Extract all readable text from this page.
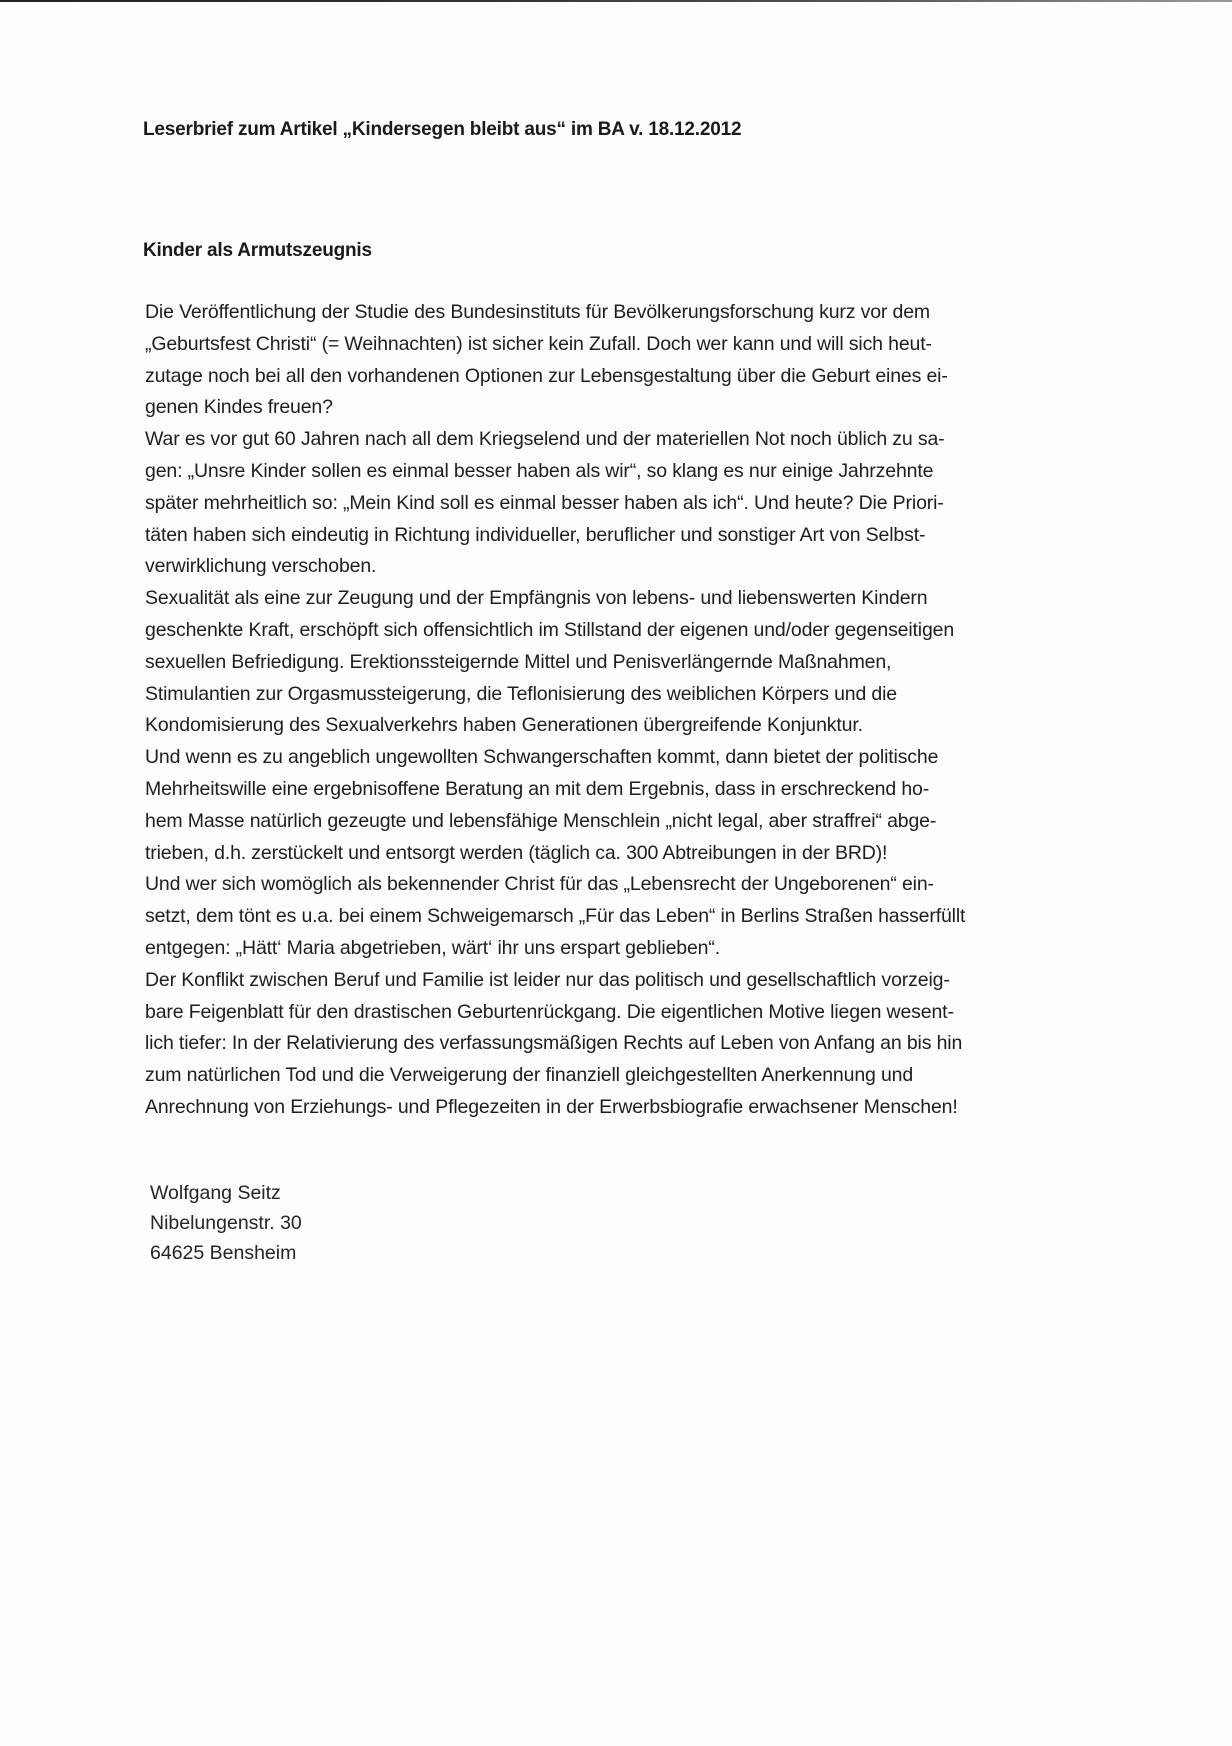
Leserbrief zum Artikel „Kindersegen bleibt aus“ im BA v. 18.12.2012
Kinder als Armutszeugnis
Die Veröffentlichung der Studie des Bundesinstituts für Bevölkerungsforschung kurz vor dem
„Geburtsfest Christi“ (= Weihnachten) ist sicher kein Zufall. Doch wer kann und will sich heut-
zutage noch bei all den vorhandenen Optionen zur Lebensgestaltung über die Geburt eines ei-
genen Kindes freuen?
War es vor gut 60 Jahren nach all dem Kriegselend und der materiellen Not noch üblich zu sa-
gen: „Unsre Kinder sollen es einmal besser haben als wir“, so klang es nur einige Jahrzehnte
später mehrheitlich so: „Mein Kind soll es einmal besser haben als ich“. Und heute? Die Priori-
täten haben sich eindeutig in Richtung individueller, beruflicher und sonstiger Art von Selbst-
verwirklichung verschoben.
Sexualität als eine zur Zeugung und der Empfängnis von lebens- und liebenswerten Kindern
geschenkte Kraft, erschöpft sich offensichtlich im Stillstand der eigenen und/oder gegenseitigen
sexuellen Befriedigung. Erektionssteigernde Mittel und Penisverlängernde Maßnahmen,
Stimulantien zur Orgasmussteigerung, die Teflonisierung des weiblichen Körpers und die
Kondomisierung des Sexualverkehrs haben Generationen übergreifende Konjunktur.
Und wenn es zu angeblich ungewollten Schwangerschaften kommt, dann bietet der politische
Mehrheitswille eine ergebnisoffene Beratung an mit dem Ergebnis, dass in erschreckend ho-
hem Masse natürlich gezeugte und lebensfähige Menschlein „nicht legal, aber straffrei“ abge-
trieben, d.h. zerstückelt und entsorgt werden (täglich ca. 300 Abtreibungen in der BRD)!
Und wer sich womöglich als bekennender Christ für das „Lebensrecht der Ungeborenen“ ein-
setzt, dem tönt es u.a. bei einem Schweigemarsch „Für das Leben“ in Berlins Straßen hasserfüllt
entgegen: „Hätt‘ Maria abgetrieben, wärt‘ ihr uns erspart geblieben“.
Der Konflikt zwischen Beruf und Familie ist leider nur das politisch und gesellschaftlich vorzeig-
bare Feigenblatt für den drastischen Geburtenrückgang. Die eigentlichen Motive liegen wesent-
lich tiefer: In der Relativierung des verfassungsmäßigen Rechts auf Leben von Anfang an bis hin
zum natürlichen Tod und die Verweigerung der finanziell gleichgestellten Anerkennung und
Anrechnung von Erziehungs- und Pflegezeiten in der Erwerbsbiografie erwachsener Menschen!
Wolfgang Seitz
Nibelungenstr. 30
64625 Bensheim
